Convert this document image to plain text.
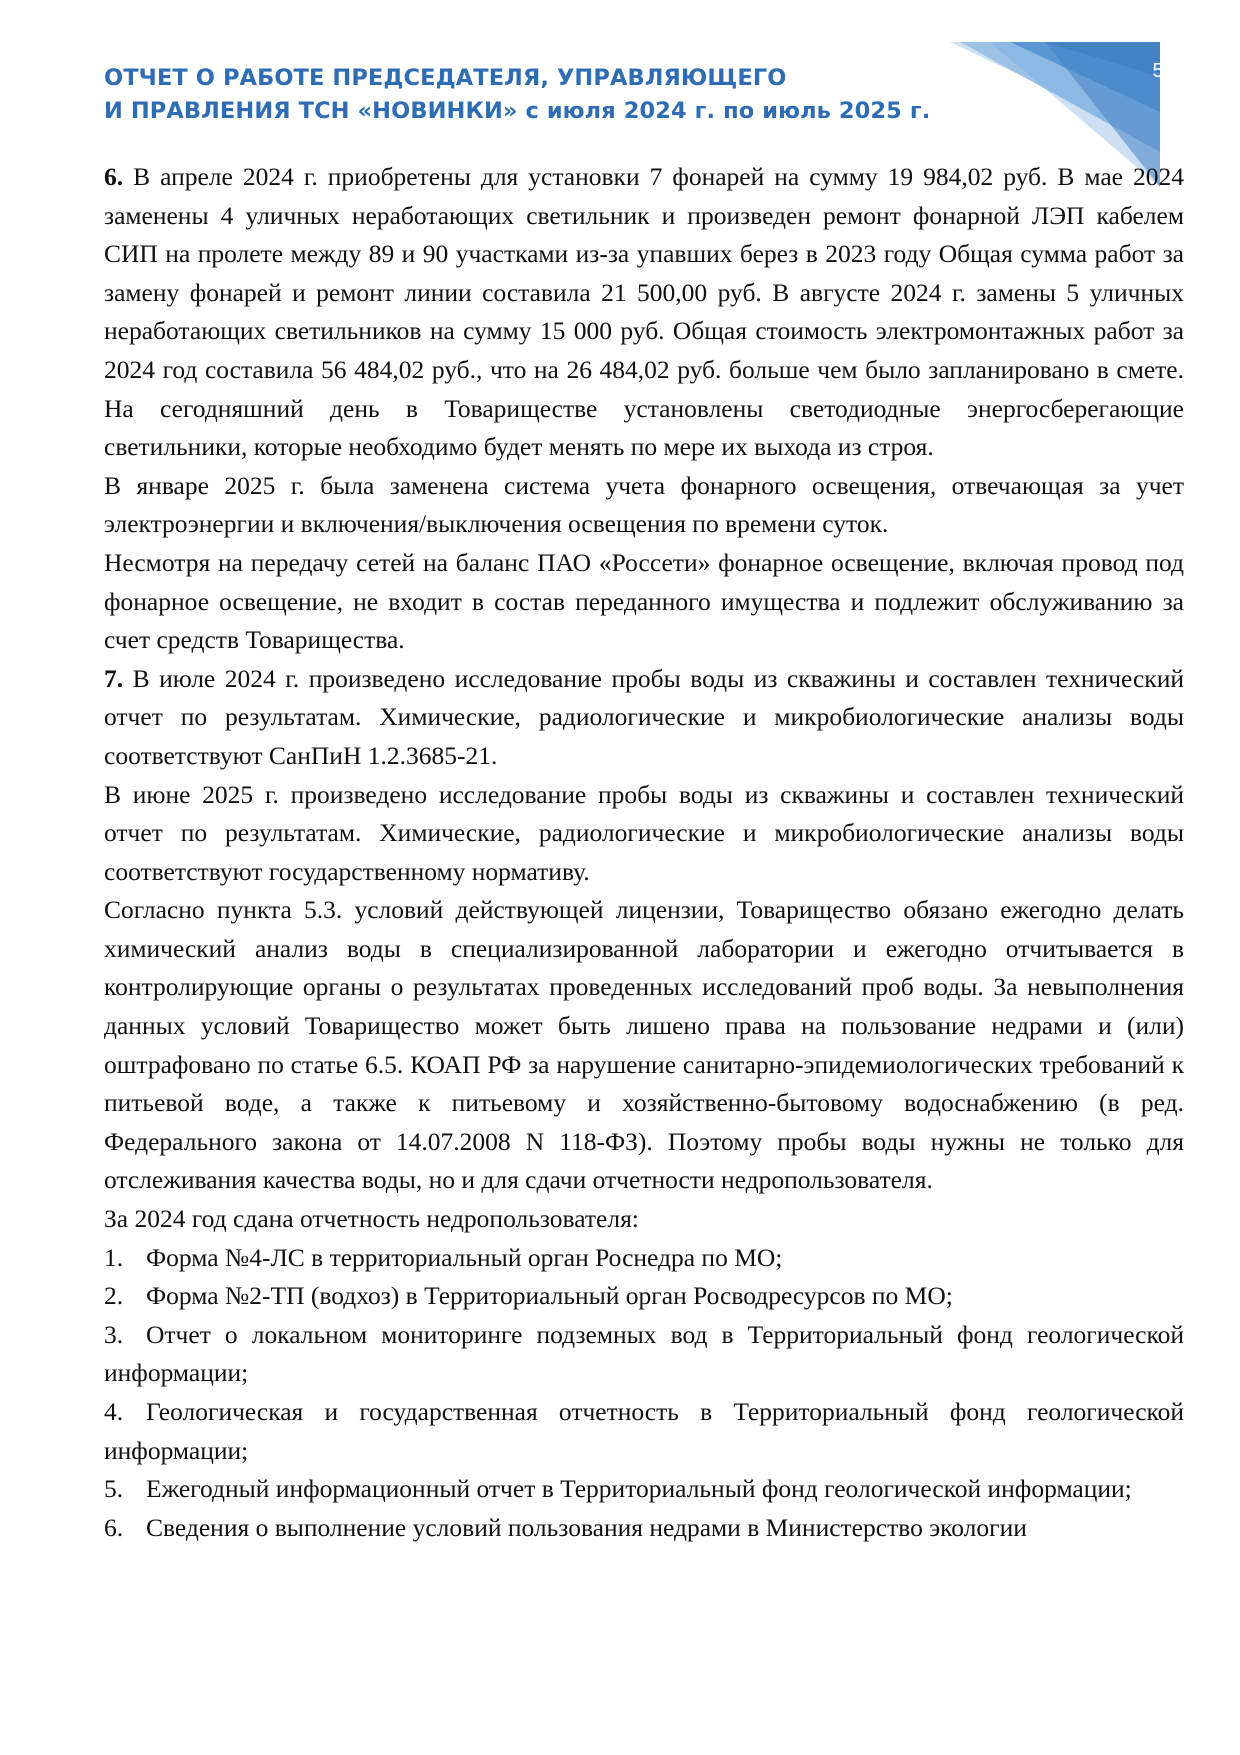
5
ОТЧЕТ О РАБОТЕ ПРЕДСЕДАТЕЛЯ, УПРАВЛЯЮЩЕГО
И ПРАВЛЕНИЯ ТСН «НОВИНКИ» с июля 2024 г. по июль 2025 г.

6. В апреле 2024 г. приобретены для установки 7 фонарей на сумму 19 984,02 руб. В мае 2024 заменены 4 уличных неработающих светильник и произведен ремонт фонарной ЛЭП кабелем СИП на пролете между 89 и 90 участками из-за упавших берез в 2023 году Общая сумма работ за замену фонарей и ремонт линии составила 21 500,00 руб. В августе 2024 г. замены 5 уличных неработающих светильников на сумму 15 000 руб. Общая стоимость электромонтажных работ за 2024 год составила 56 484,02 руб., что на 26 484,02 руб. больше чем было запланировано в смете. На сегодняшний день в Товариществе установлены светодиодные энергосберегающие светильники, которые необходимо будет менять по мере их выхода из строя.

В январе 2025 г. была заменена система учета фонарного освещения, отвечающая за учет электроэнергии и включения/выключения освещения по времени суток.

Несмотря на передачу сетей на баланс ПАО «Россети» фонарное освещение, включая провод под фонарное освещение, не входит в состав переданного имущества и подлежит обслуживанию за счет средств Товарищества.

7. В июле 2024 г. произведено исследование пробы воды из скважины и составлен технический отчет по результатам. Химические, радиологические и микробиологические анализы воды соответствуют СанПиН 1.2.3685-21.

В июне 2025 г. произведено исследование пробы воды из скважины и составлен технический отчет по результатам. Химические, радиологические и микробиологические анализы воды соответствуют государственному нормативу.

Согласно пункта 5.3. условий действующей лицензии, Товарищество обязано ежегодно делать химический анализ воды в специализированной лаборатории и ежегодно отчитывается в контролирующие органы о результатах проведенных исследований проб воды. За невыполнения данных условий Товарищество может быть лишено права на пользование недрами и (или) оштрафовано по статье 6.5. КОАП РФ за нарушение санитарно-эпидемиологических требований к питьевой воде, а также к питьевому и хозяйственно-бытовому водоснабжению (в ред. Федерального закона от 14.07.2008 N 118-ФЗ). Поэтому пробы воды нужны не только для отслеживания качества воды, но и для сдачи отчетности недропользователя.

За 2024 год сдана отчетность недропользователя:

1. Форма №4-ЛС в территориальный орган Роснедра по МО;

2. Форма №2-ТП (водхоз) в Территориальный орган Росводресурсов по МО;

3. Отчет о локальном мониторинге подземных вод в Территориальный фонд геологической информации;

4. Геологическая и государственная отчетность в Территориальный фонд геологической информации;

5. Ежегодный информационный отчет в Территориальный фонд геологической информации;

6. Сведения о выполнение условий пользования недрами в Министерство экологии
